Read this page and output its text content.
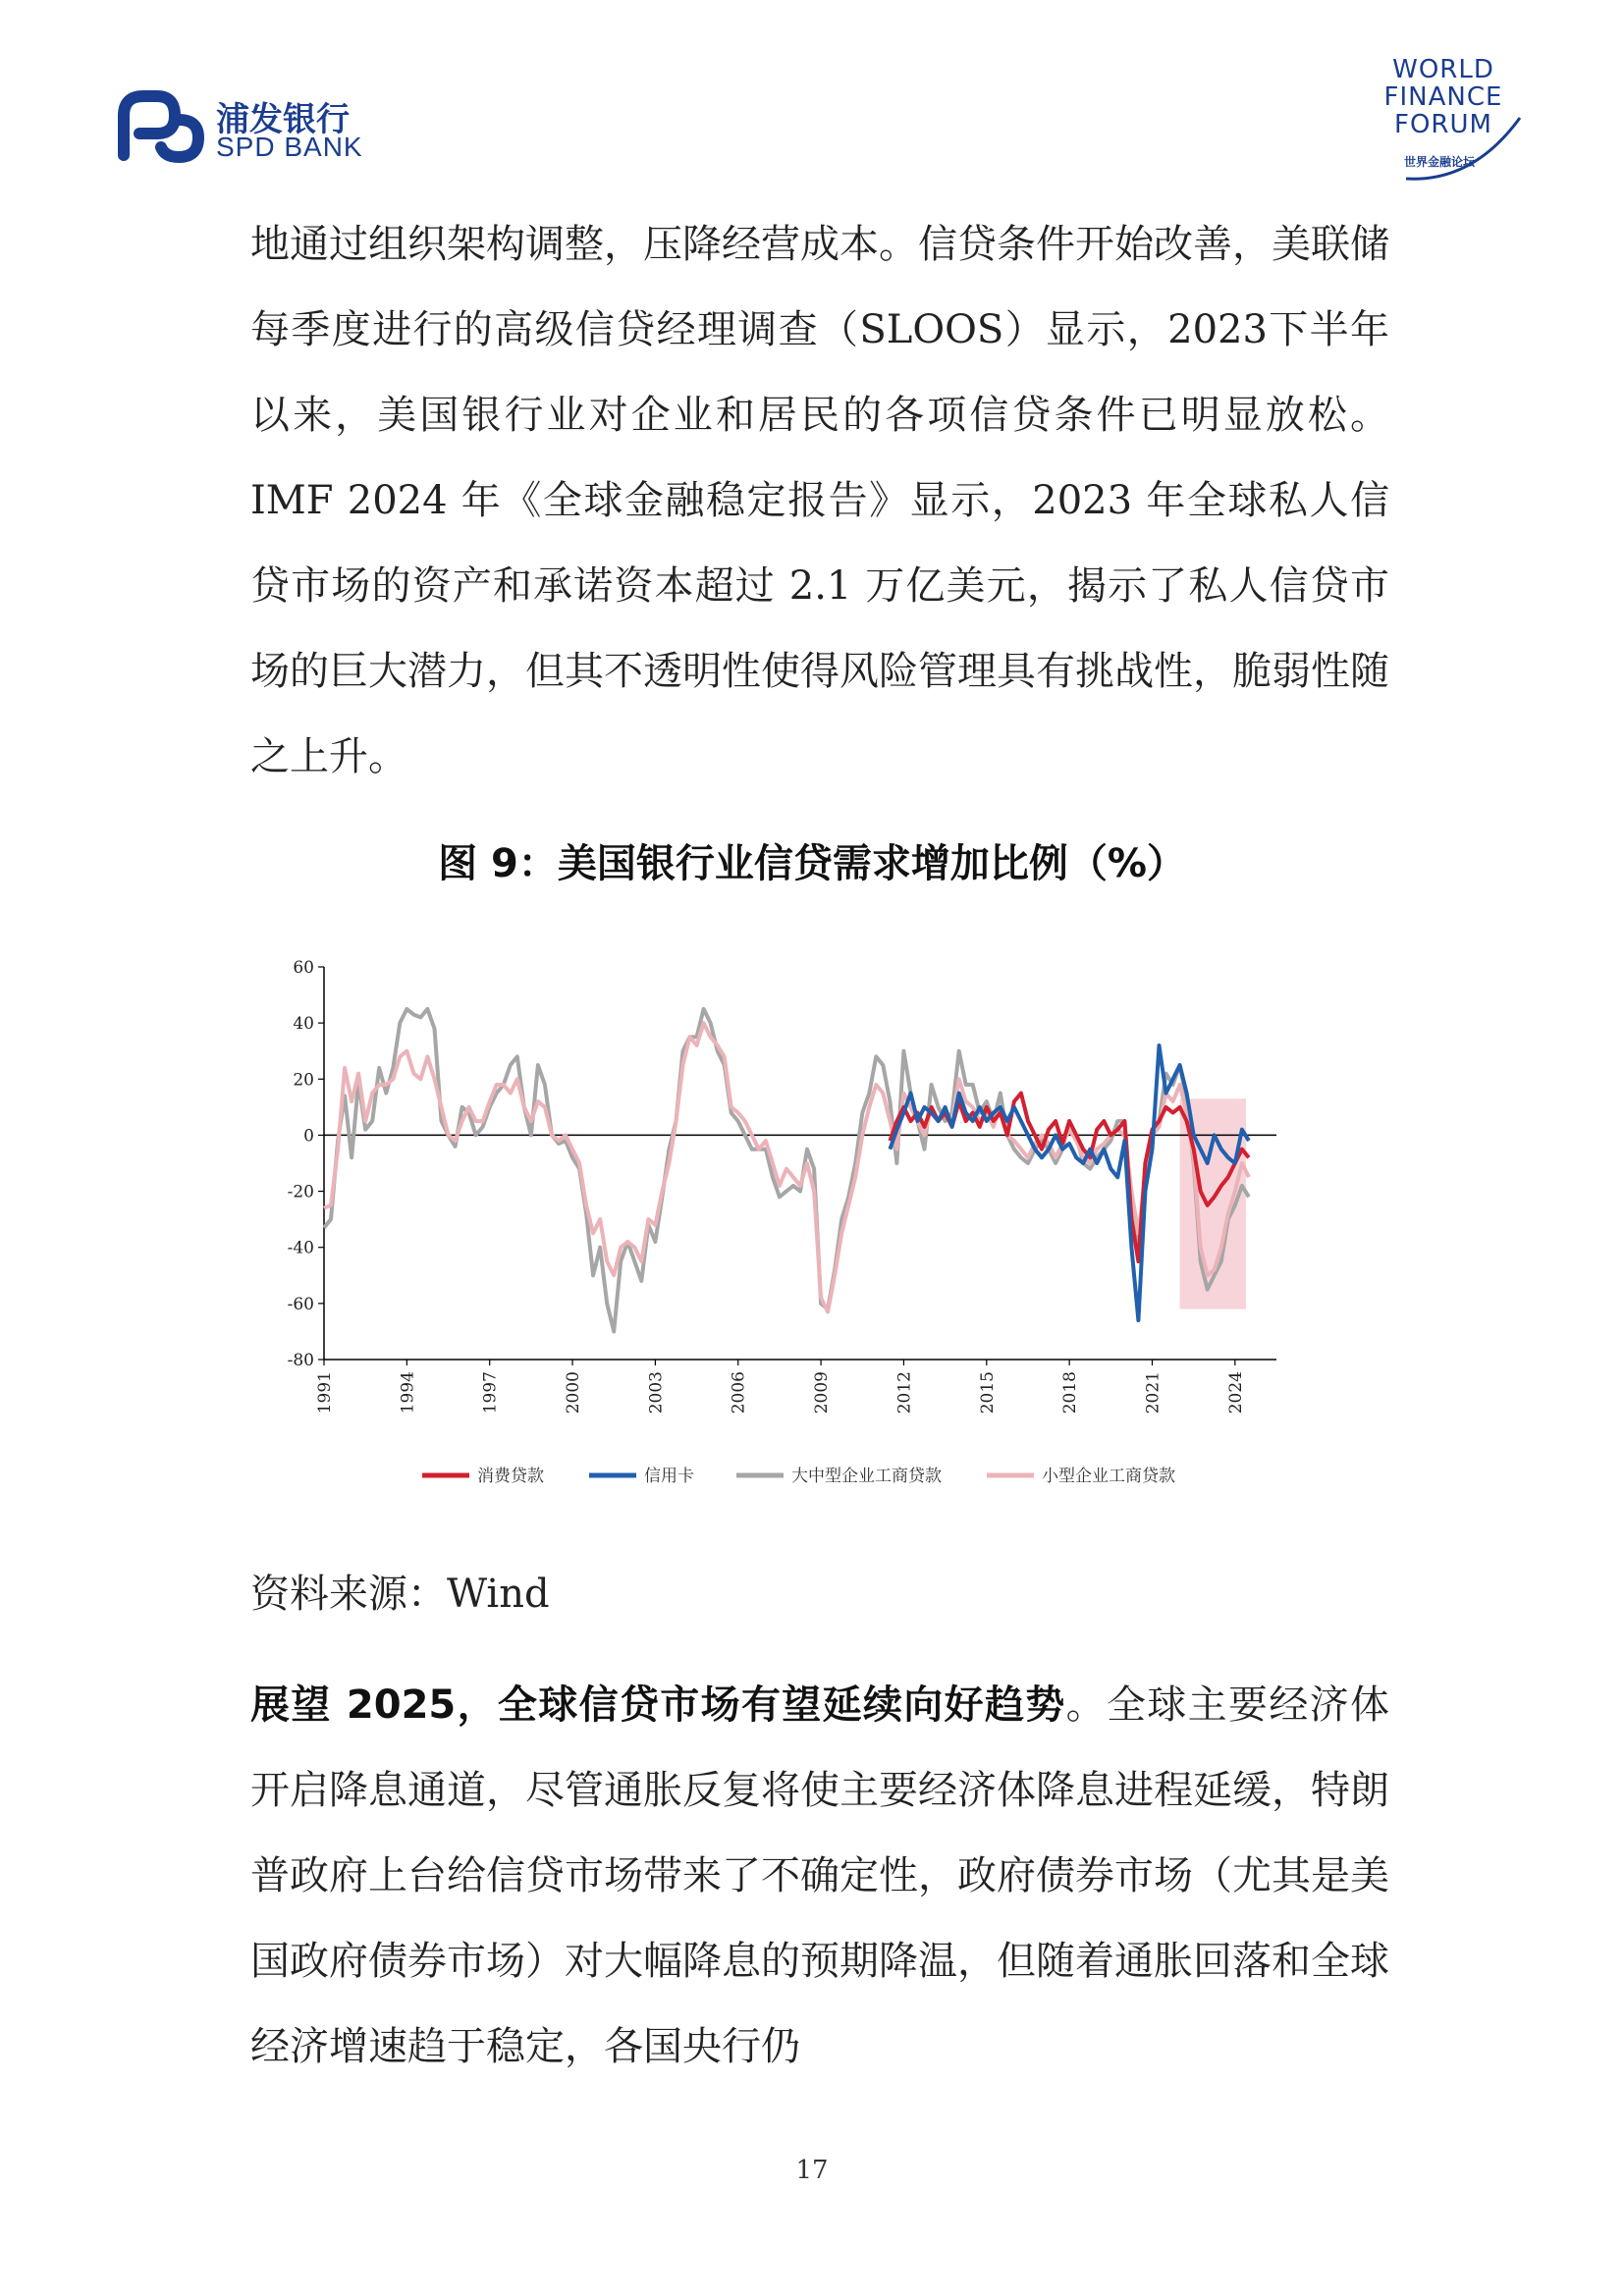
浦发银行
SPD BANK
WORLD
FINANCE
FORUM
世界金融论坛

地通过组织架构调整，压降经营成本。信贷条件开始改善，美联储每季度进行的高级信贷经理调查（SLOOS）显示，2023下半年以来，美国银行业对企业和居民的各项信贷条件已明显放松。IMF 2024 年《全球金融稳定报告》显示，2023 年全球私人信贷市场的资产和承诺资本超过 2.1 万亿美元，揭示了私人信贷市场的巨大潜力，但其不透明性使得风险管理具有挑战性，脆弱性随之上升。

图 9：美国银行业信贷需求增加比例（%）
60
40
20
0
-20
-40
-60
-80
1991	1994	1997	2000	2003	2006	2009	2012	2015	2018	2021	2024
消费贷款	信用卡	大中型企业工商贷款	小型企业工商贷款
资料来源：Wind

展望 2025，全球信贷市场有望延续向好趋势。全球主要经济体开启降息通道，尽管通胀反复将使主要经济体降息进程延缓，特朗普政府上台给信贷市场带来了不确定性，政府债券市场（尤其是美国政府债券市场）对大幅降息的预期降温，但随着通胀回落和全球经济增速趋于稳定，各国央行仍

17
